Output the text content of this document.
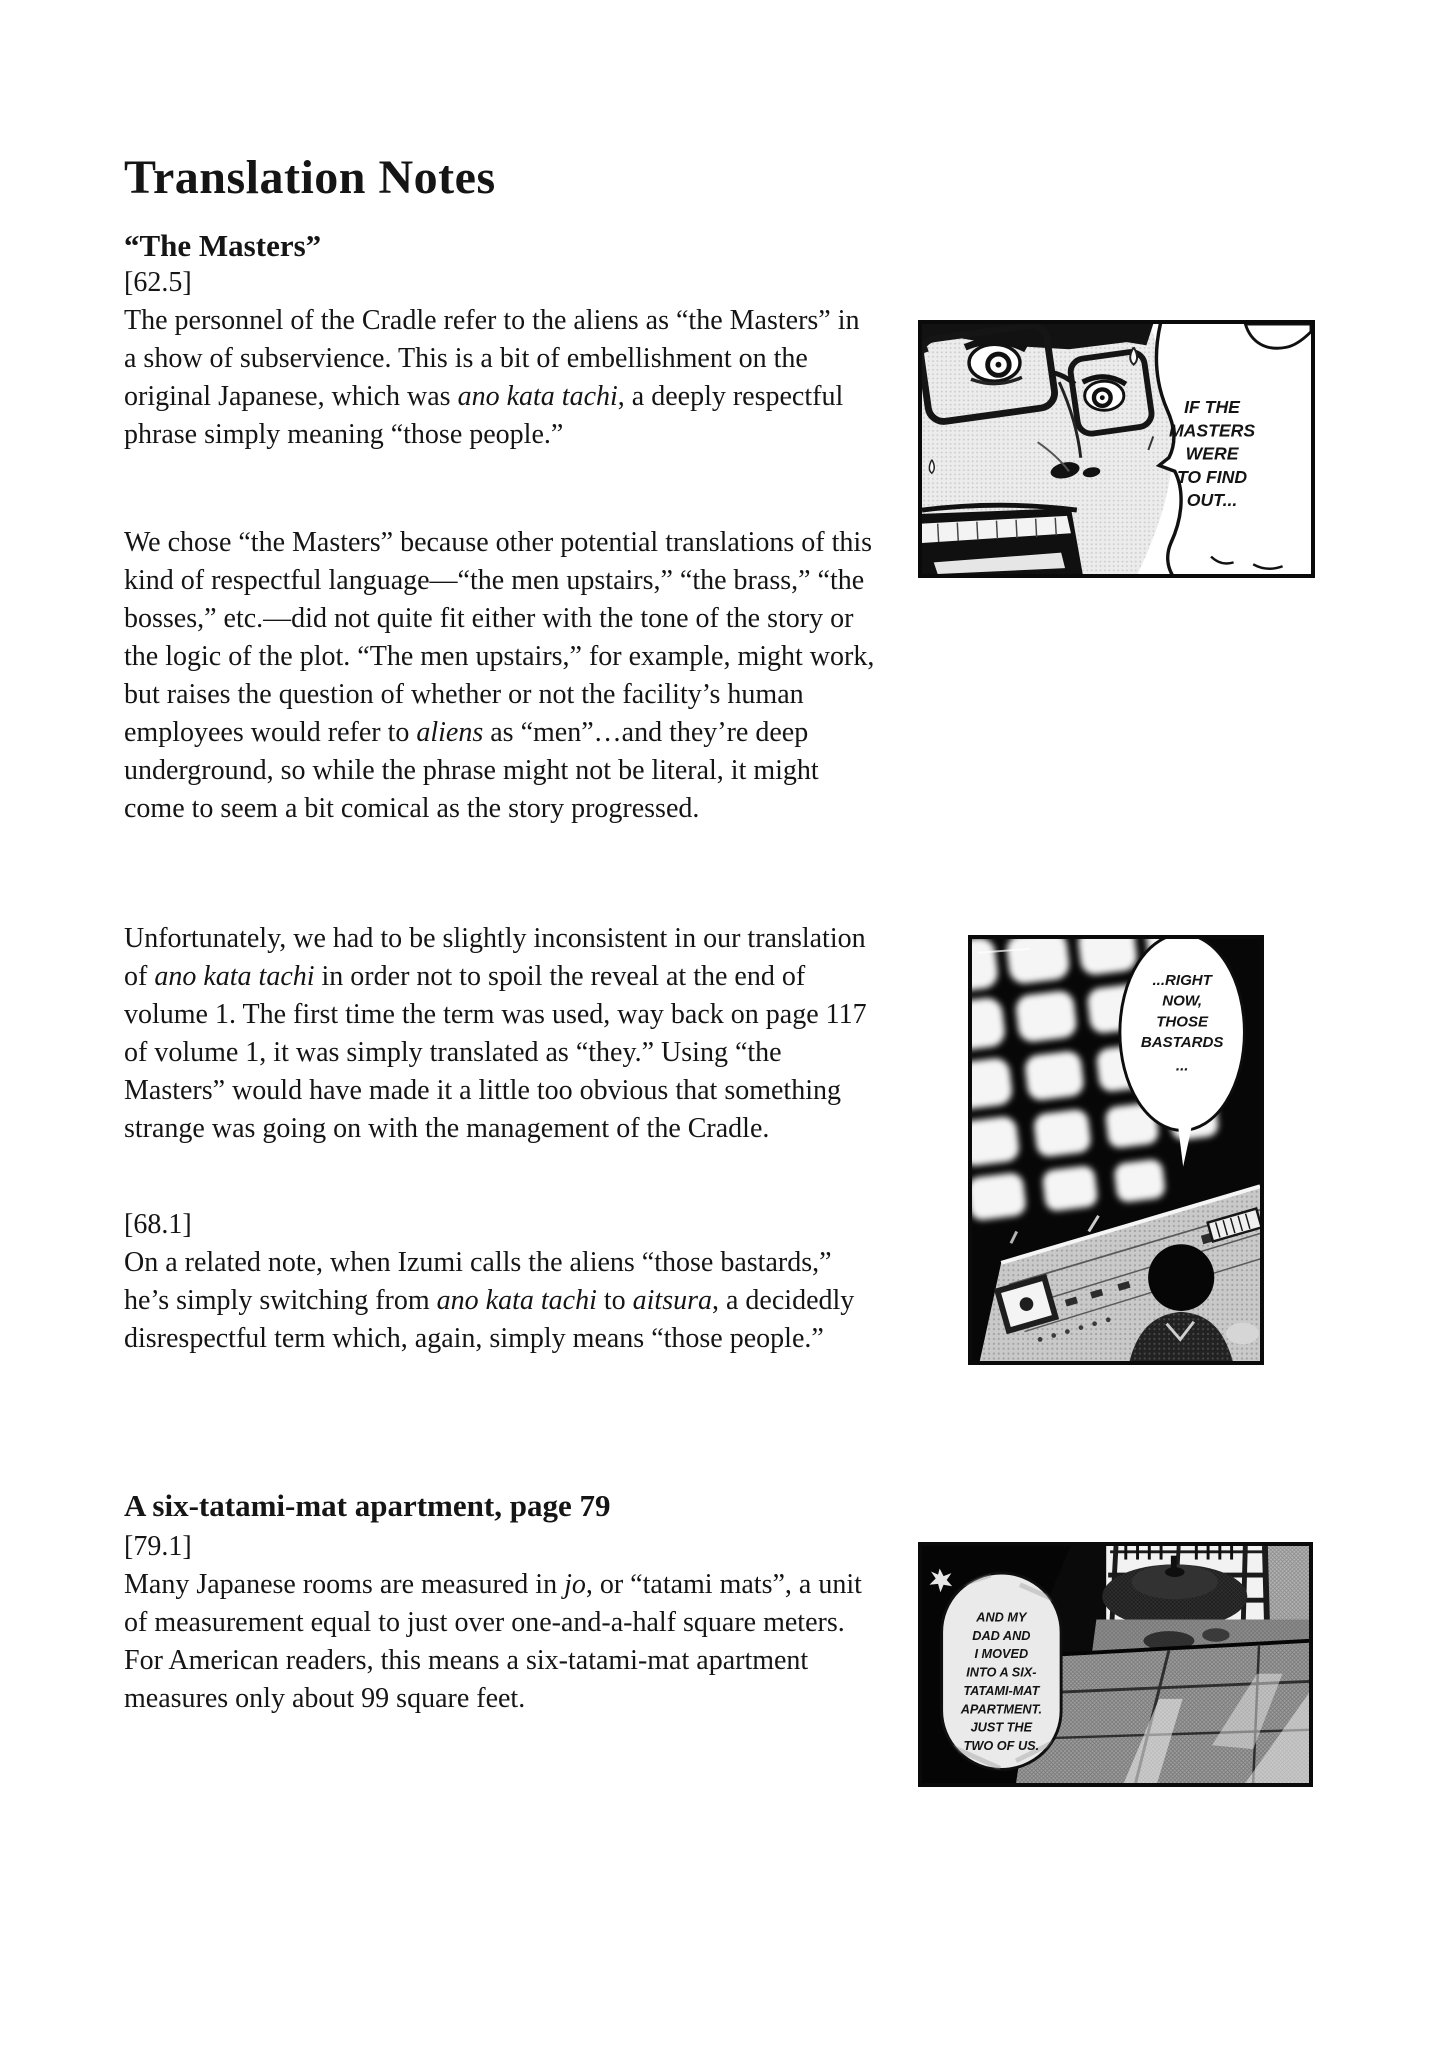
Translation Notes
“The Masters”
[62.5]
The personnel of the Cradle refer to the aliens as “the Masters” in a show of subservience. This is a bit of embellishment on the original Japanese, which was ano kata tachi, a deeply respectful phrase simply meaning “those people.”
We chose “the Masters” because other potential translations of this kind of respectful language—“the men upstairs,” “the brass,” “the bosses,” etc.—did not quite fit either with the tone of the story or the logic of the plot. “The men upstairs,” for example, might work, but raises the question of whether or not the facility’s human employees would refer to aliens as “men”…and they’re deep underground, so while the phrase might not be literal, it might come to seem a bit comical as the story progressed.
Unfortunately, we had to be slightly inconsistent in our translation of ano kata tachi in order not to spoil the reveal at the end of volume 1. The first time the term was used, way back on page 117 of volume 1, it was simply translated as “they.” Using “the Masters” would have made it a little too obvious that something strange was going on with the management of the Cradle.
[68.1]
On a related note, when Izumi calls the aliens “those bastards,” he’s simply switching from ano kata tachi to aitsura, a decidedly disrespectful term which, again, simply means “those people.”
A six-tatami-mat apartment, page 79
[79.1]
Many Japanese rooms are measured in jo, or “tatami mats”, a unit of measurement equal to just over one-and-a-half square meters. For American readers, this means a six-tatami-mat apartment measures only about 99 square feet.
IF THE
MASTERS
WERE
TO FIND
OUT...
...RIGHT
NOW,
THOSE
BASTARDS
...
AND MY
DAD AND
I MOVED
INTO A SIX-
TATAMI-MAT
APARTMENT.
JUST THE
TWO OF US.
